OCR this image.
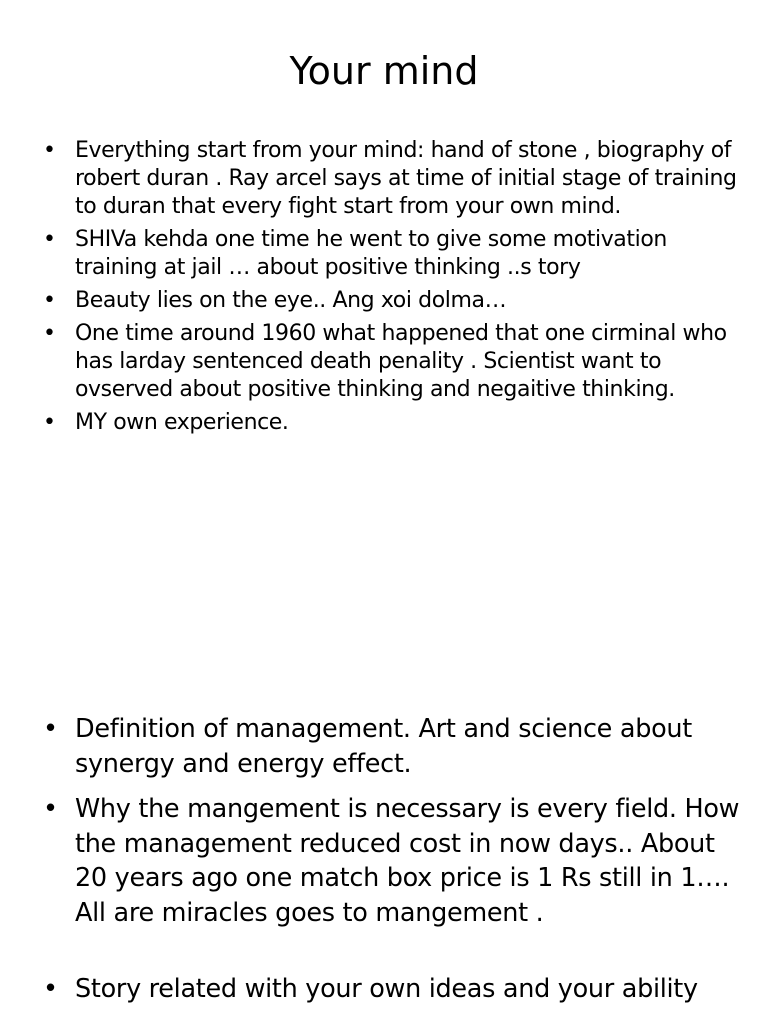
Your mind
• Everything start from your mind: hand of stone , biography of robert duran . Ray arcel says at time of initial stage of training to duran that every fight start from your own mind.
• SHIVa kehda one time he went to give some motivation training at jail … about positive thinking ..s tory
• Beauty lies on the eye.. Ang xoi dolma…
• One time around 1960 what happened that one cirminal who has larday sentenced death penality . Scientist want to ovserved about positive thinking and negaitive thinking.
• MY own experience.
• Definition of management. Art and science about synergy and energy effect.
• Why the mangement is necessary is every field. How the management reduced cost in now days.. About 20 years ago one match box price is 1 Rs still in 1…. All are miracles goes to mangement .
• Story related with your own ideas and your ability
